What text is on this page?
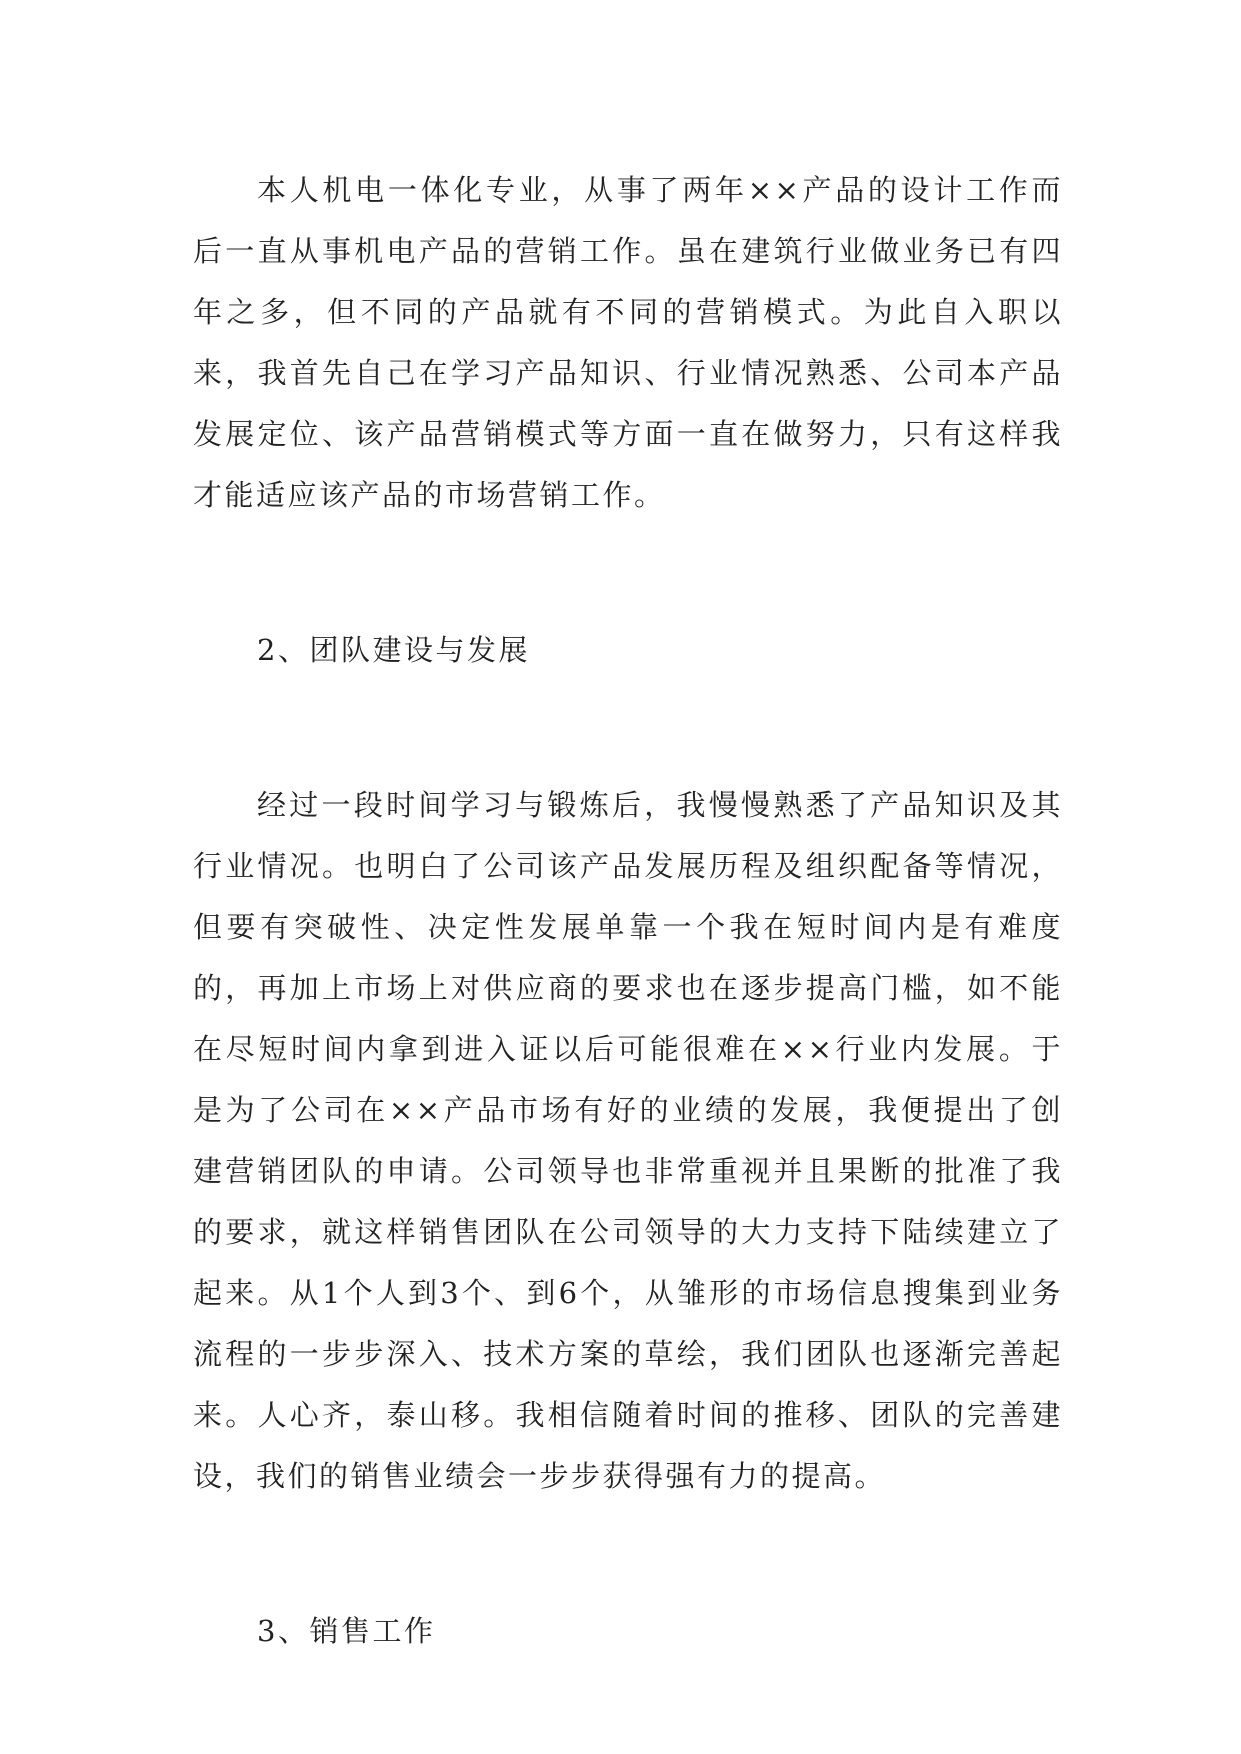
本人机电一体化专业，从事了两年××产品的设计工作而后一直从事机电产品的营销工作。虽在建筑行业做业务已有四年之多，但不同的产品就有不同的营销模式。为此自入职以来，我首先自己在学习产品知识、行业情况熟悉、公司本产品发展定位、该产品营销模式等方面一直在做努力，只有这样我才能适应该产品的市场营销工作。

2、团队建设与发展

经过一段时间学习与锻炼后，我慢慢熟悉了产品知识及其行业情况。也明白了公司该产品发展历程及组织配备等情况，但要有突破性、决定性发展单靠一个我在短时间内是有难度的，再加上市场上对供应商的要求也在逐步提高门槛，如不能在尽短时间内拿到进入证以后可能很难在××行业内发展。于是为了公司在××产品市场有好的业绩的发展，我便提出了创建营销团队的申请。公司领导也非常重视并且果断的批准了我的要求，就这样销售团队在公司领导的大力支持下陆续建立了起来。从1个人到3个、到6个，从雏形的市场信息搜集到业务流程的一步步深入、技术方案的草绘，我们团队也逐渐完善起来。人心齐，泰山移。我相信随着时间的推移、团队的完善建设，我们的销售业绩会一步步获得强有力的提高。

3、销售工作
